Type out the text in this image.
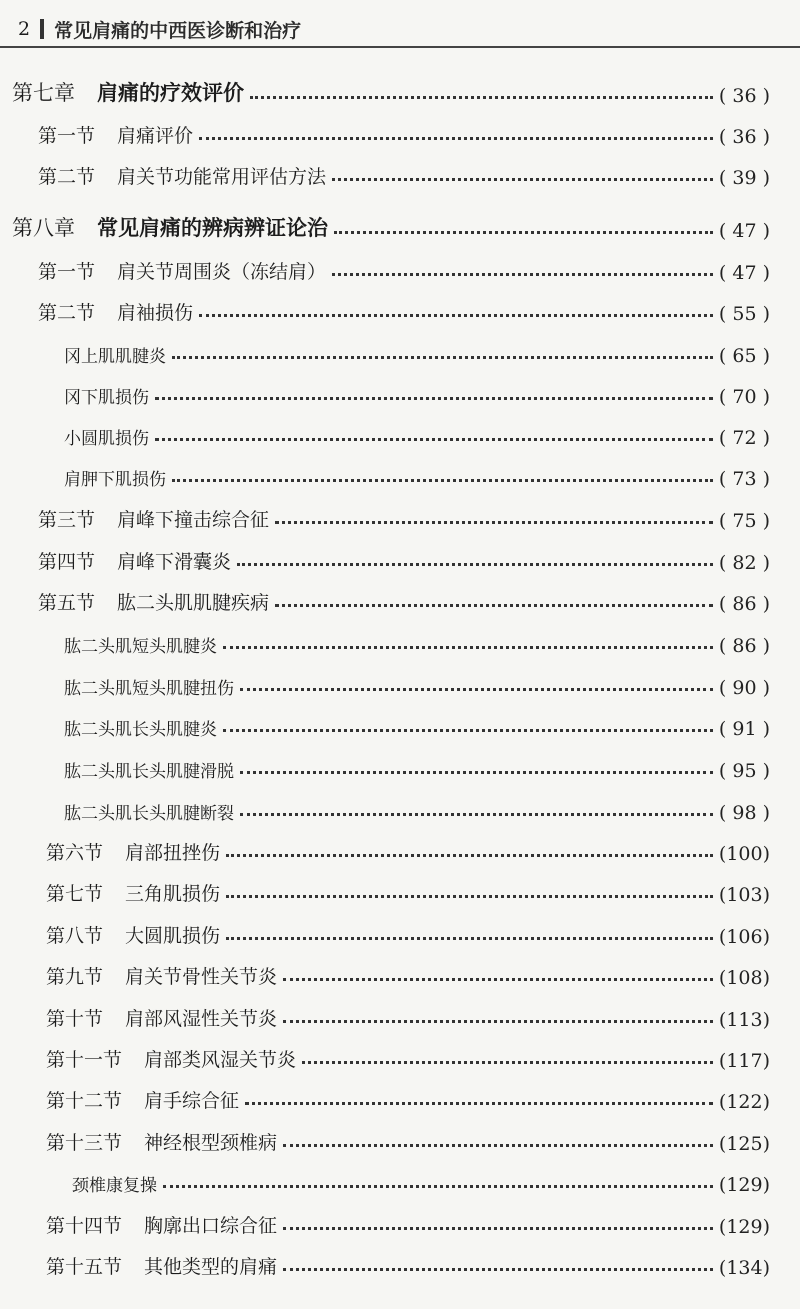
2 常见肩痛的中西医诊断和治疗
第七章 肩痛的疗效评价	( 36 )
第一节 肩痛评价	( 36 )
第二节 肩关节功能常用评估方法	( 39 )
第八章 常见肩痛的辨病辨证论治	( 47 )
第一节 肩关节周围炎（冻结肩）	( 47 )
第二节 肩袖损伤	( 55 )
冈上肌肌腱炎	( 65 )
冈下肌损伤	( 70 )
小圆肌损伤	( 72 )
肩胛下肌损伤	( 73 )
第三节 肩峰下撞击综合征	( 75 )
第四节 肩峰下滑囊炎	( 82 )
第五节 肱二头肌肌腱疾病	( 86 )
肱二头肌短头肌腱炎	( 86 )
肱二头肌短头肌腱扭伤	( 90 )
肱二头肌长头肌腱炎	( 91 )
肱二头肌长头肌腱滑脱	( 95 )
肱二头肌长头肌腱断裂	( 98 )
第六节 肩部扭挫伤	(100)
第七节 三角肌损伤	(103)
第八节 大圆肌损伤	(106)
第九节 肩关节骨性关节炎	(108)
第十节 肩部风湿性关节炎	(113)
第十一节 肩部类风湿关节炎	(117)
第十二节 肩手综合征	(122)
第十三节 神经根型颈椎病	(125)
颈椎康复操	(129)
第十四节 胸廓出口综合征	(129)
第十五节 其他类型的肩痛	(134)
